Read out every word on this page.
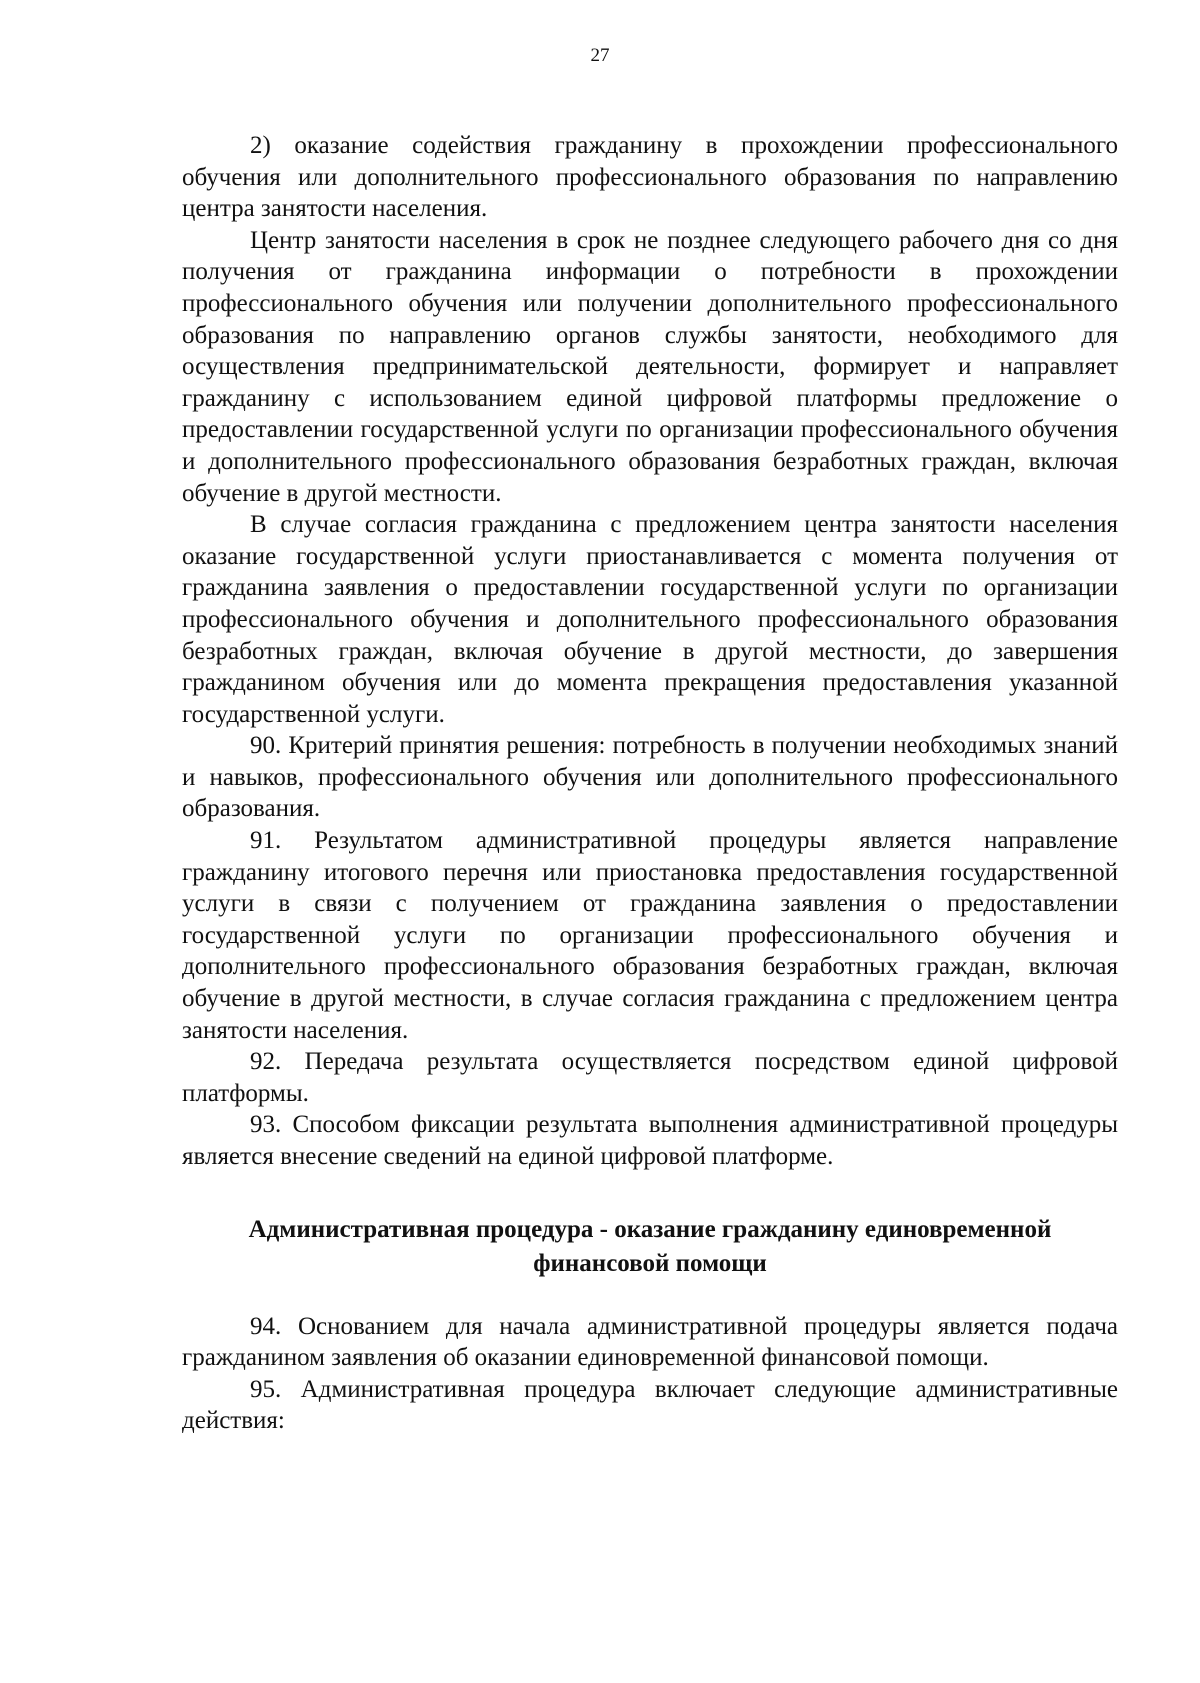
27

2) оказание содействия гражданину в прохождении профессионального обучения или дополнительного профессионального образования по направлению центра занятости населения.

Центр занятости населения в срок не позднее следующего рабочего дня со дня получения от гражданина информации о потребности в прохождении профессионального обучения или получении дополнительного профессионального образования по направлению органов службы занятости, необходимого для осуществления предпринимательской деятельности, формирует и направляет гражданину с использованием единой цифровой платформы предложение о предоставлении государственной услуги по организации профессионального обучения и дополнительного профессионального образования безработных граждан, включая обучение в другой местности.

В случае согласия гражданина с предложением центра занятости населения оказание государственной услуги приостанавливается с момента получения от гражданина заявления о предоставлении государственной услуги по организации профессионального обучения и дополнительного профессионального образования безработных граждан, включая обучение в другой местности, до завершения гражданином обучения или до момента прекращения предоставления указанной государственной услуги.

90. Критерий принятия решения: потребность в получении необходимых знаний и навыков, профессионального обучения или дополнительного профессионального образования.

91. Результатом административной процедуры является направление гражданину итогового перечня или приостановка предоставления государственной услуги в связи с получением от гражданина заявления о предоставлении государственной услуги по организации профессионального обучения и дополнительного профессионального образования безработных граждан, включая обучение в другой местности, в случае согласия гражданина с предложением центра занятости населения.

92. Передача результата осуществляется посредством единой цифровой платформы.

93. Способом фиксации результата выполнения административной процедуры является внесение сведений на единой цифровой платформе.

Административная процедура - оказание гражданину единовременной
финансовой помощи

94. Основанием для начала административной процедуры является подача гражданином заявления об оказании единовременной финансовой помощи.

95. Административная процедура включает следующие административные действия:
